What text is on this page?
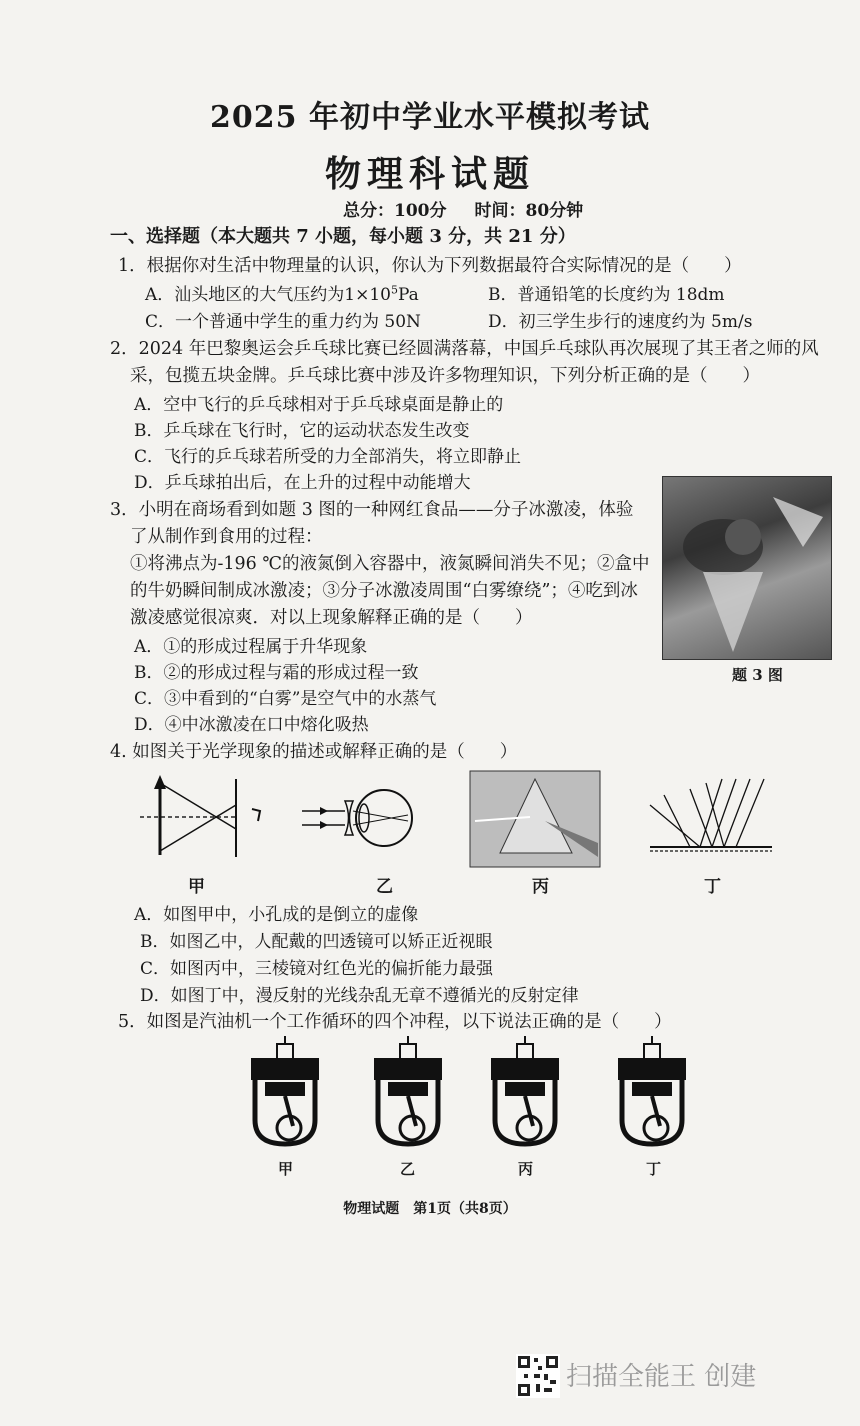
2025 年初中学业水平模拟考试
物理科试题
总分：100分 时间：80分钟
一、选择题（本大题共 7 小题，每小题 3 分，共 21 分）
1．根据你对生活中物理量的认识，你认为下列数据最符合实际情况的是（　　）
A．汕头地区的大气压约为$1\times 10^5Pa$	B．普通铅笔的长度约为 18dm
C．一个普通中学生的重力约为 50N	D．初三学生步行的速度约为 5m/s
2．2024 年巴黎奥运会乒乓球比赛已经圆满落幕，中国乒乓球队再次展现了其王者之师的风
采，包揽五块金牌。乒乓球比赛中涉及许多物理知识，下列分析正确的是（　　）
A．空中飞行的乒乓球相对于乒乓球桌面是静止的
B．乒乓球在飞行时，它的运动状态发生改变
C．飞行的乒乓球若所受的力全部消失，将立即静止
D．乒乓球拍出后，在上升的过程中动能增大
3．小明在商场看到如题 3 图的一种网红食品——分子冰激凌，体验
了从制作到食用的过程：
①将沸点为-196 ℃的液氮倒入容器中，液氮瞬间消失不见；②盒中
的牛奶瞬间制成冰激凌；③分子冰激凌周围“白雾缭绕”；④吃到冰
激凌感觉很凉爽．对以上现象解释正确的是（　　）
A．①的形成过程属于升华现象
B．②的形成过程与霜的形成过程一致
C．③中看到的“白雾”是空气中的水蒸气
D．④中冰激凌在口中熔化吸热
题 3 图
4. 如图关于光学现象的描述或解释正确的是（　　）
甲	乙	丙	丁
A．如图甲中，小孔成的是倒立的虚像
B．如图乙中，人配戴的凹透镜可以矫正近视眼
C．如图丙中，三棱镜对红色光的偏折能力最强
D．如图丁中，漫反射的光线杂乱无章不遵循光的反射定律
5．如图是汽油机一个工作循环的四个冲程，以下说法正确的是（　　）
甲	乙	丙	丁
物理试题　第1页（共8页）
扫描全能王 创建
